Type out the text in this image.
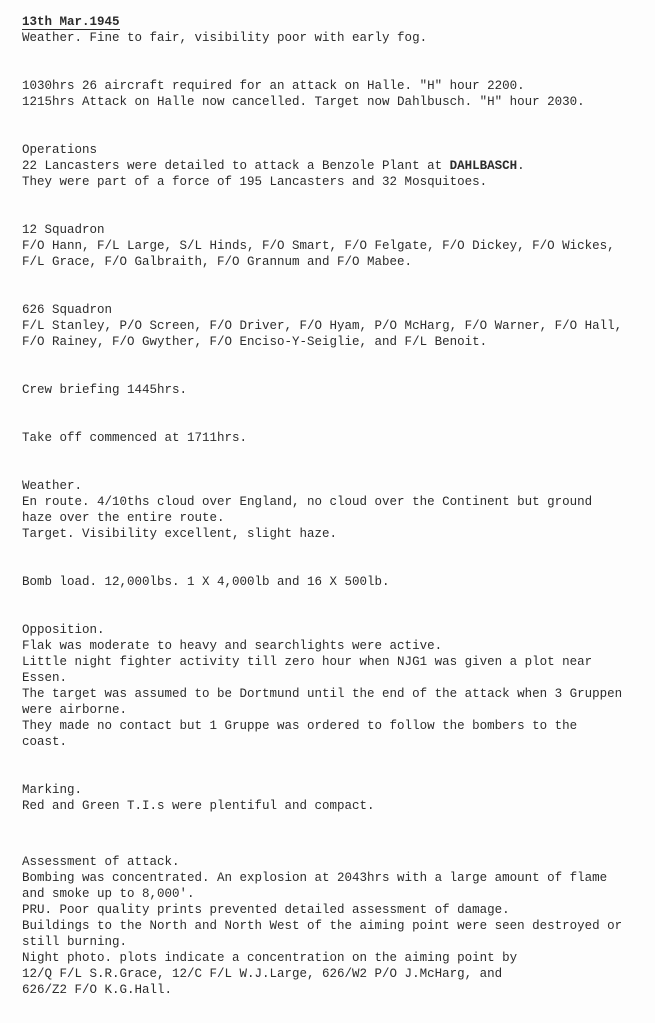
13th Mar.1945
Weather. Fine to fair, visibility poor with early fog.
1030hrs 26 aircraft required for an attack on Halle. "H" hour 2200.
1215hrs Attack on Halle now cancelled. Target now Dahlbusch. "H" hour 2030.
Operations
22 Lancasters were detailed to attack a Benzole Plant at DAHLBASCH.
They were part of a force of 195 Lancasters and 32 Mosquitoes.
12 Squadron
F/O Hann, F/L Large, S/L Hinds, F/O Smart, F/O Felgate, F/O Dickey, F/O Wickes,
F/L Grace, F/O Galbraith, F/O Grannum and F/O Mabee.
626 Squadron
F/L Stanley, P/O Screen, F/O Driver, F/O Hyam, P/O McHarg, F/O Warner, F/O Hall,
F/O Rainey, F/O Gwyther, F/O Enciso-Y-Seiglie, and F/L Benoit.
Crew briefing 1445hrs.
Take off commenced at 1711hrs.
Weather.
En route. 4/10ths cloud over England, no cloud over the Continent but ground
haze over the entire route.
Target. Visibility excellent, slight haze.
Bomb load. 12,000lbs. 1 X 4,000lb and 16 X 500lb.
Opposition.
Flak was moderate to heavy and searchlights were active.
Little night fighter activity till zero hour when NJG1 was given a plot near
Essen.
The target was assumed to be Dortmund until the end of the attack when 3 Gruppen
were airborne.
They made no contact but 1 Gruppe was ordered to follow the bombers to the
coast.
Marking.
Red and Green T.I.s were plentiful and compact.
Assessment of attack.
Bombing was concentrated. An explosion at 2043hrs with a large amount of flame
and smoke up to 8,000'.
PRU. Poor quality prints prevented detailed assessment of damage.
Buildings to the North and North West of the aiming point were seen destroyed or
still burning.
Night photo. plots indicate a concentration on the aiming point by
12/Q F/L S.R.Grace, 12/C F/L W.J.Large, 626/W2 P/O J.McHarg, and
626/Z2 F/O K.G.Hall.
